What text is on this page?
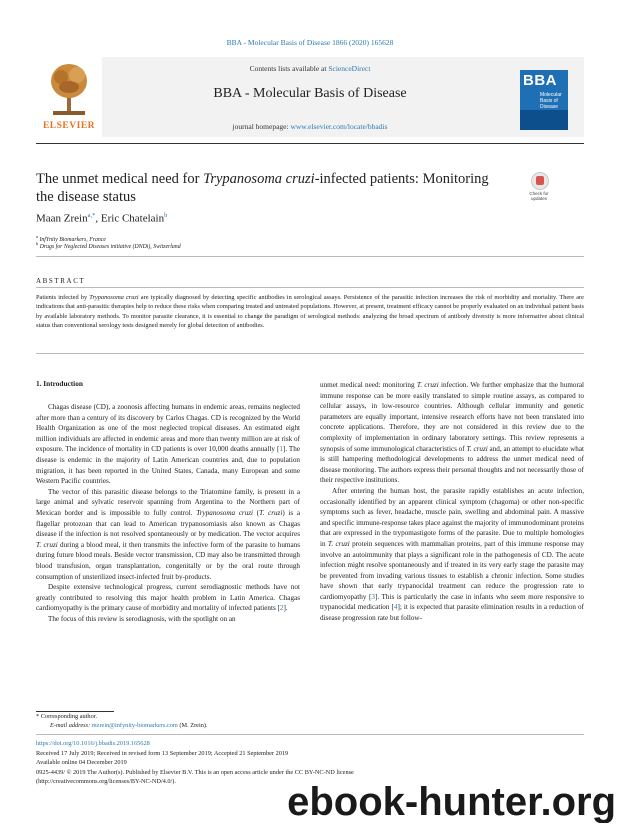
BBA - Molecular Basis of Disease 1866 (2020) 165628
ELSEVIER
Contents lists available at ScienceDirect
BBA - Molecular Basis of Disease
journal homepage: www.elsevier.com/locate/bbadis
BBA
Molecular Basis of Disease
The unmet medical need for Trypanosoma cruzi-infected patients: Monitoring the disease status	Check for updates
Maan Zrein$^{a,*}$, Eric Chatelain$^b$
$^a$ InfYnity Biomarkers, France
$^b$ Drugs for Neglected Diseases initiative (DNDi), Switzerland
ABSTRACT
Patients infected by Trypanosoma cruzi are typically diagnosed by detecting specific antibodies in serological assays. Persistence of the parasitic infection increases the risk of morbidity and mortality. There are indications that anti-parasitic therapies help to reduce these risks when comparing treated and untreated populations. However, at present, treatment efficacy cannot be properly evaluated on an individual patient basis by available laboratory methods. To monitor parasite clearance, it is essential to change the paradigm of serological methods: analyzing the broad spectrum of antibody diversity is more informative about clinical status than conventional serology tests designed merely for global detection of antibodies.
1. Introduction

Chagas disease (CD), a zoonosis affecting humans in endemic areas, remains neglected after more than a century of its discovery by Carlos Chagas. CD is recognized by the World Health Organization as one of the most neglected tropical diseases. An estimated eight million individuals are affected in endemic areas and more than twenty million are at risk of exposure. The incidence of mortality in CD patients is over 10,000 deaths annually [1]. The disease is endemic in the majority of Latin American countries and, due to population migration, it has been reported in the United States, Canada, many European and some Western Pacific countries.

The vector of this parasitic disease belongs to the Triatomine family, is present in a large animal and sylvatic reservoir spanning from Argentina to the Northern part of Mexican border and is impossible to fully control. Trypanosoma cruzi (T. cruzi) is a flagellar protozoan that can lead to American trypanosomiasis also known as Chagas disease if the infection is not resolved spontaneously or by medication. The vector acquires T. cruzi during a blood meal, it then transmits the infective form of the parasite to humans during future blood meals. Beside vector transmission, CD may also be transmitted through blood transfusion, organ transplantation, congenitally or by the oral route through consumption of unsterilized insect-infected fruit by-products.

Despite extensive technological progress, current serodiagnostic methods have not greatly contributed to resolving this major health problem in Latin America. Chagas cardiomyopathy is the primary cause of morbidity and mortality of infected patients [2].

The focus of this review is serodiagnosis, with the spotlight on an

unmet medical need: monitoring T. cruzi infection. We further emphasize that the humoral immune response can be more easily translated to simple routine assays, as compared to cellular assays, in low-resource countries. Although cellular immunity and genetic parameters are equally important, intensive research efforts have not been translated into concrete applications. Therefore, they are not considered in this review due to the complexity of implementation in ordinary laboratory settings. This review represents a synopsis of some immunological characteristics of T. cruzi and, an attempt to elucidate what is still hampering methodological developments to address the unmet medical need of disease monitoring. The authors express their personal thoughts and not necessarily those of their respective institutions.

After entering the human host, the parasite rapidly establishes an acute infection, occasionally identified by an apparent clinical symptom (chagoma) or other non-specific symptoms such as fever, headache, muscle pain, swelling and abdominal pain. A massive and specific immune-response takes place against the majority of immunodominant proteins that are expressed in the trypomastigote forms of the parasite. Due to multiple homologies in T. cruzi protein sequences with mammalian proteins, part of this immune response may involve an autoimmunity that plays a significant role in the pathogenesis of CD. The acute infection might resolve spontaneously and if treated in its very early stage the parasite may be prevented from invading various tissues to establish a chronic infection. Some studies have shown that early trypanocidal treatment can reduce the progression rate to cardiomyopathy [3]. This is particularly the case in infants who seem more responsive to trypanocidal medication [4]; it is expected that parasite elimination results in a reduction of disease progression rate but follow-

* Corresponding author.
E-mail address: mzrein@infynity-biomarkers.com (M. Zrein).
https://doi.org/10.1016/j.bbadis.2019.165628
Received 17 July 2019; Received in revised form 13 September 2019; Accepted 21 September 2019
Available online 04 December 2019
0925-4439/ © 2019 The Author(s). Published by Elsevier B.V. This is an open access article under the CC BY-NC-ND license
(http://creativecommons.org/licenses/BY-NC-ND/4.0/).	ebook-hunter.org
